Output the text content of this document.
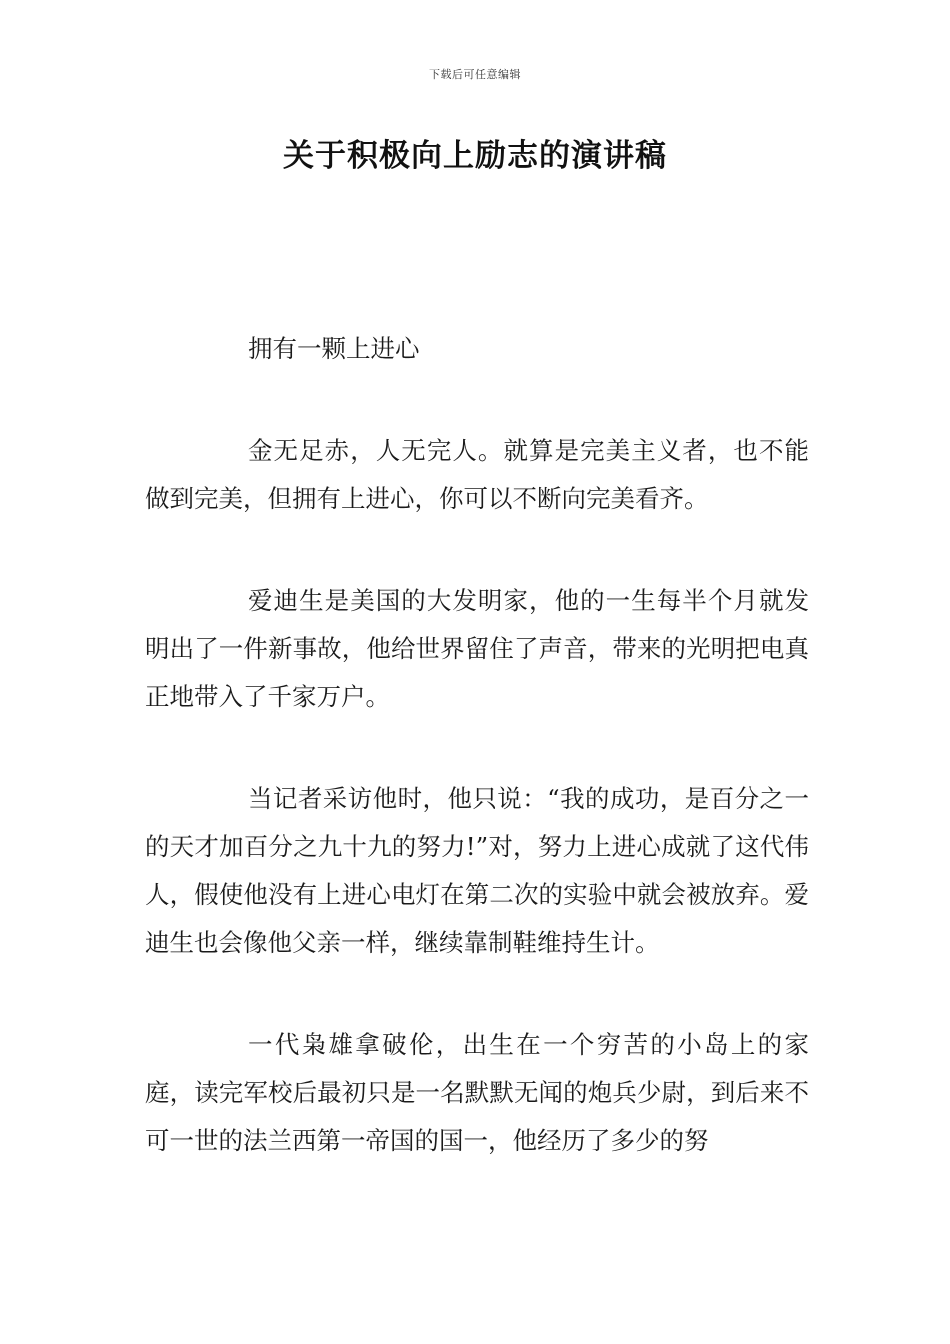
下载后可任意编辑
关于积极向上励志的演讲稿

拥有一颗上进心

金无足赤，人无完人。就算是完美主义者，也不能做到完美，但拥有上进心，你可以不断向完美看齐。

爱迪生是美国的大发明家，他的一生每半个月就发明出了一件新事故，他给世界留住了声音，带来的光明把电真正地带入了千家万户。

当记者采访他时，他只说：“我的成功，是百分之一的天才加百分之九十九的努力!”对，努力上进心成就了这代伟人，假使他没有上进心电灯在第二次的实验中就会被放弃。爱迪生也会像他父亲一样，继续靠制鞋维持生计。

一代枭雄拿破伦，出生在一个穷苦的小岛上的家庭，读完军校后最初只是一名默默无闻的炮兵少尉，到后来不可一世的法兰西第一帝国的国一，他经历了多少的努
